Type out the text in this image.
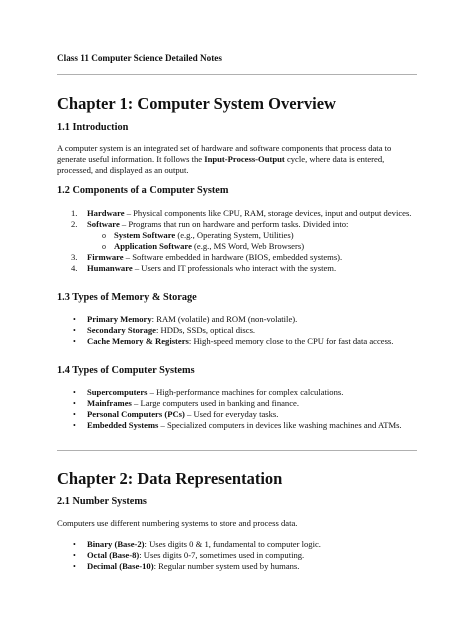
Class 11 Computer Science Detailed Notes
Chapter 1: Computer System Overview
1.1 Introduction
A computer system is an integrated set of hardware and software components that process data to generate useful information. It follows the Input-Process-Output cycle, where data is entered, processed, and displayed as an output.
1.2 Components of a Computer System
1.	Hardware – Physical components like CPU, RAM, storage devices, input and output devices.
2.	Software – Programs that run on hardware and perform tasks. Divided into:
o System Software (e.g., Operating System, Utilities)
o Application Software (e.g., MS Word, Web Browsers)
3.	Firmware – Software embedded in hardware (BIOS, embedded systems).
4.	Humanware – Users and IT professionals who interact with the system.
1.3 Types of Memory & Storage
• Primary Memory: RAM (volatile) and ROM (non-volatile).
• Secondary Storage: HDDs, SSDs, optical discs.
• Cache Memory & Registers: High-speed memory close to the CPU for fast data access.
1.4 Types of Computer Systems
• Supercomputers – High-performance machines for complex calculations.
• Mainframes – Large computers used in banking and finance.
• Personal Computers (PCs) – Used for everyday tasks.
• Embedded Systems – Specialized computers in devices like washing machines and ATMs.
Chapter 2: Data Representation
2.1 Number Systems
Computers use different numbering systems to store and process data.
• Binary (Base-2): Uses digits 0 & 1, fundamental to computer logic.
• Octal (Base-8): Uses digits 0-7, sometimes used in computing.
• Decimal (Base-10): Regular number system used by humans.
